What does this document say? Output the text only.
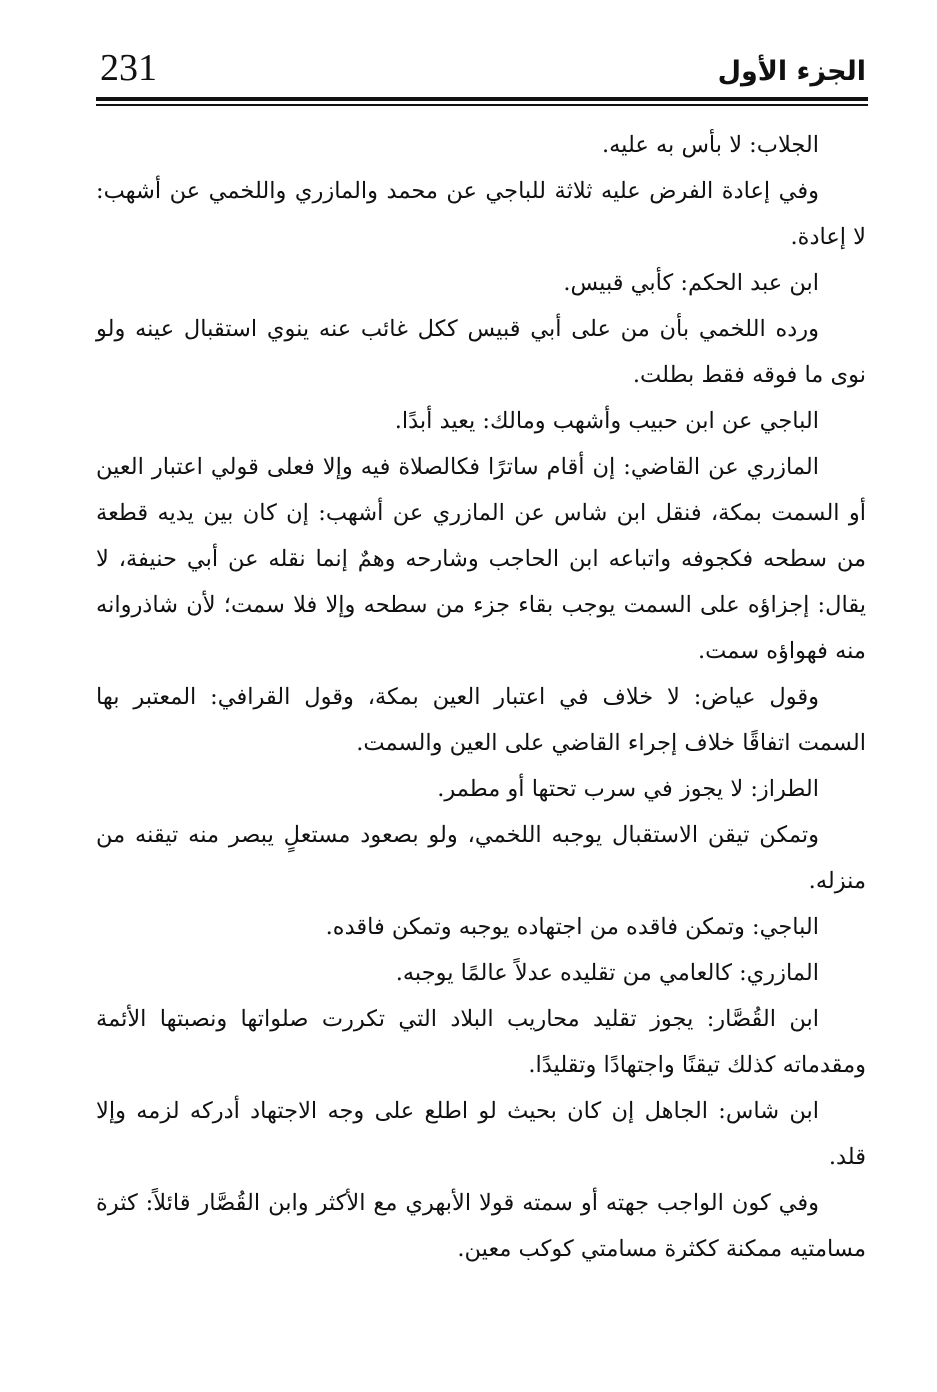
231	الجزء الأول

الجلاب: لا بأس به عليه.

وفي إعادة الفرض عليه ثلاثة للباجي عن محمد والمازري واللخمي عن أشهب: لا إعادة.

ابن عبد الحكم: كأبي قبيس.

ورده اللخمي بأن من على أبي قبيس ككل غائب عنه ينوي استقبال عينه ولو نوى ما فوقه فقط بطلت.

الباجي عن ابن حبيب وأشهب ومالك: يعيد أبدًا.

المازري عن القاضي: إن أقام ساترًا فكالصلاة فيه وإلا فعلى قولي اعتبار العين أو السمت بمكة، فنقل ابن شاس عن المازري عن أشهب: إن كان بين يديه قطعة من سطحه فكجوفه واتباعه ابن الحاجب وشارحه وهمٌ إنما نقله عن أبي حنيفة، لا يقال: إجزاؤه على السمت يوجب بقاء جزء من سطحه وإلا فلا سمت؛ لأن شاذروانه منه فهواؤه سمت.

وقول عياض: لا خلاف في اعتبار العين بمكة، وقول القرافي: المعتبر بها السمت اتفاقًا خلاف إجراء القاضي على العين والسمت.

الطراز: لا يجوز في سرب تحتها أو مطمر.

وتمكن تيقن الاستقبال يوجبه اللخمي، ولو بصعود مستعلٍ يبصر منه تيقنه من منزله.

الباجي: وتمكن فاقده من اجتهاده يوجبه وتمكن فاقده.

المازري: كالعامي من تقليده عدلاً عالمًا يوجبه.

ابن القُصَّار: يجوز تقليد محاريب البلاد التي تكررت صلواتها ونصبتها الأئمة ومقدماته كذلك تيقنًا واجتهادًا وتقليدًا.

ابن شاس: الجاهل إن كان بحيث لو اطلع على وجه الاجتهاد أدركه لزمه وإلا قلد.

وفي كون الواجب جهته أو سمته قولا الأبهري مع الأكثر وابن القُصَّار قائلاً: كثرة مسامتيه ممكنة ككثرة مسامتي كوكب معين.
